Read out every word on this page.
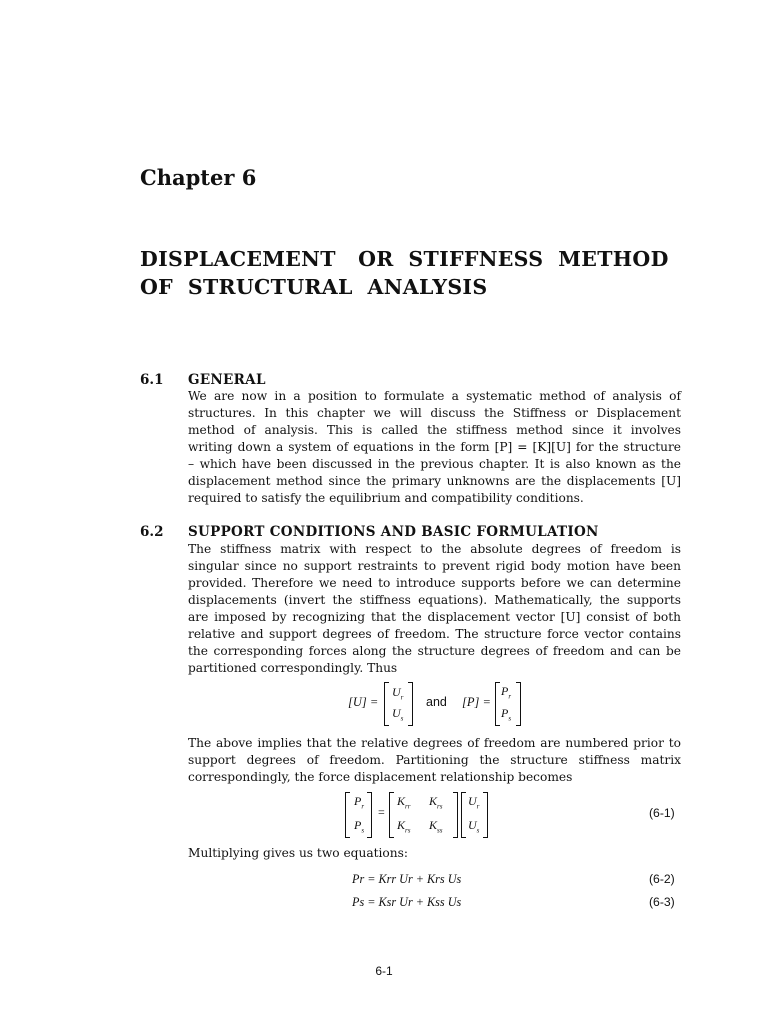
Chapter 6
DISPLACEMENT   OR  STIFFNESS  METHOD
OF  STRUCTURAL  ANALYSIS
6.1 GENERAL
We are now in a position to formulate a systematic method of analysis of
structures. In this chapter we will discuss the Stiffness or Displacement
method of analysis. This is called the stiffness method since it involves
writing down a system of equations in the form [P] = [K][U] for the structure
– which have been discussed in the previous chapter. It is also known as the
displacement method since the primary unknowns are the displacements [U]
required to satisfy the equilibrium and compatibility conditions.
6.2 SUPPORT CONDITIONS AND BASIC FORMULATION
The stiffness matrix with respect to the absolute degrees of freedom is
singular since no support restraints to prevent rigid body motion have been
provided. Therefore we need to introduce supports before we can determine
displacements (invert the stiffness equations). Mathematically, the supports
are imposed by recognizing that the displacement vector [U] consist of both
relative and support degrees of freedom. The structure force vector contains
the corresponding forces along the structure degrees of freedom and can be
partitioned correspondingly. Thus
[U] =
$U_r$
$U_s$
and [P] =
$P_r$
$P_s$
The above implies that the relative degrees of freedom are numbered prior to
support degrees of freedom. Partitioning the structure stiffness matrix
correspondingly, the force displacement relationship becomes
$P_r$
$P_s$
=
$K_{rr}$ $K_{rs}$
$K_{rs}$ $K_{ss}$
$U_r$
$U_s$
(6-1)
Multiplying gives us two equations:
Pr = Krr Ur + Krs Us	(6-2)
Ps = Ksr Ur + Kss Us	(6-3)
6-1
